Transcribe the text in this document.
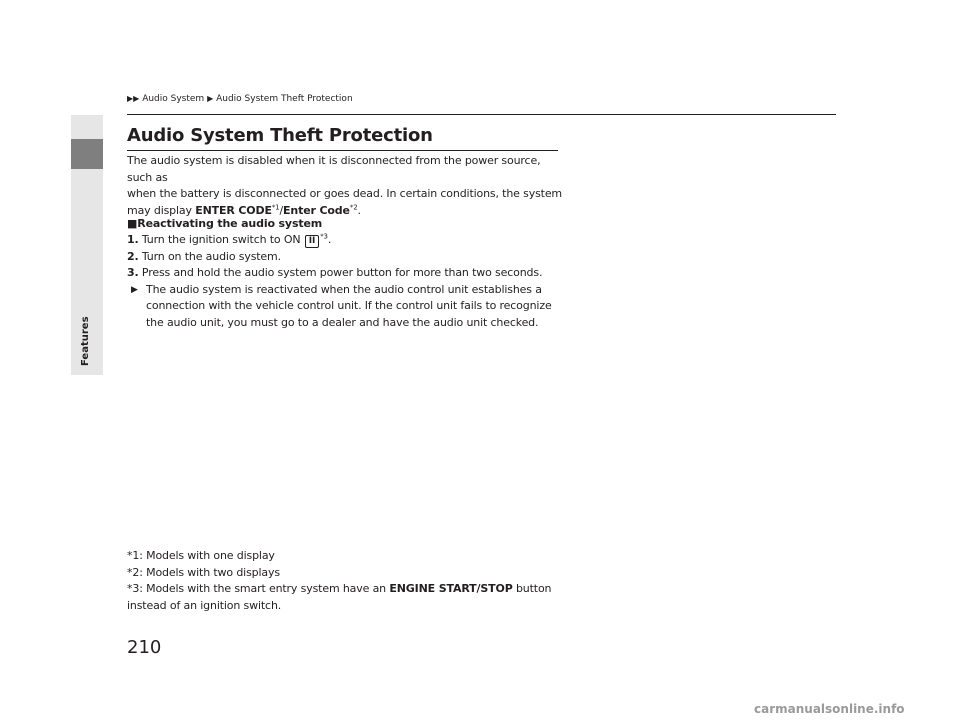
Features
▶▶ Audio System ▶ Audio System Theft Protection
Audio System Theft Protection
The audio system is disabled when it is disconnected from the power source, such as
when the battery is disconnected or goes dead. In certain conditions, the system
may display ENTER CODE$^{*1}$/Enter Code$^{*2}$.
■Reactivating the audio system
1. Turn the ignition switch to ON II $^{*3}$.
2. Turn on the audio system.
3. Press and hold the audio system power button for more than two seconds.
▶ The audio system is reactivated when the audio control unit establishes a
connection with the vehicle control unit. If the control unit fails to recognize
the audio unit, you must go to a dealer and have the audio unit checked.
*1: Models with one display
*2: Models with two displays
*3: Models with the smart entry system have an ENGINE START/STOP button
instead of an ignition switch.
210
carmanualsonline.info
